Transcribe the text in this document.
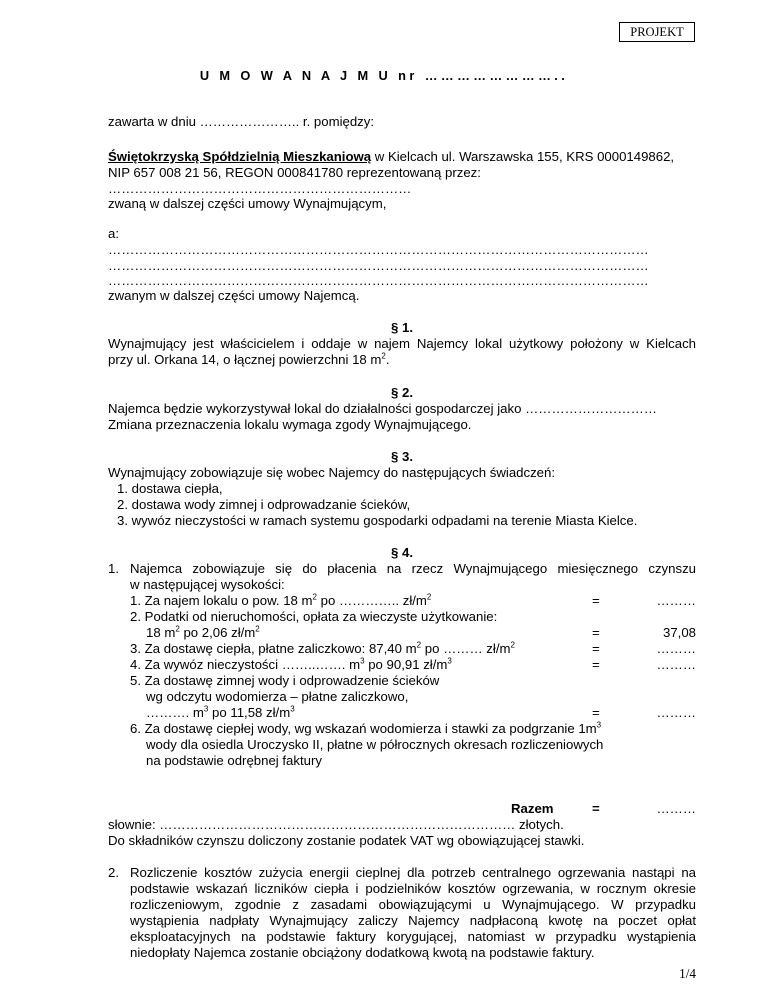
PROJEKT
U M O W A N A J M U nr ……………………..
zawarta w dniu ………………….. r. pomiędzy:
Świętokrzyską Spółdzielnią Mieszkaniową w Kielcach ul. Warszawska 155, KRS 0000149862,
NIP 657 008 21 56, REGON 000841780 reprezentowaną przez:
……………………………………………………………
zwaną w dalszej części umowy Wynajmującym,
a:
……………………………………………………………………………………………………………
……………………………………………………………………………………………………………
……………………………………………………………………………………………………………
zwanym w dalszej części umowy Najemcą.
§ 1.
Wynajmujący jest właścicielem i oddaje w najem Najemcy lokal użytkowy położony w Kielcach
przy ul. Orkana 14, o łącznej powierzchni 18 $m^2$.
§ 2.
Najemca będzie wykorzystywał lokal do działalności gospodarczej jako …………………………
Zmiana przeznaczenia lokalu wymaga zgody Wynajmującego.
§ 3.
Wynajmujący zobowiązuje się wobec Najemcy do następujących świadczeń:
1. dostawa ciepła,
2. dostawa wody zimnej i odprowadzanie ścieków,
3. wywóz nieczystości w ramach systemu gospodarki odpadami na terenie Miasta Kielce.
§ 4.
1. Najemca zobowiązuje się do płacenia na rzecz Wynajmującego miesięcznego czynszu
w następującej wysokości:
1. Za najem lokalu o pow. 18 $m^2$ po ………….. $zł/m^2$	=	………
2. Podatki od nieruchomości, opłata za wieczyste użytkowanie:
18 $m^2$ po 2,06 $zł/m^2$	=	37,08
3. Za dostawę ciepła, płatne zaliczkowo: 87,40 $m^2$ po ……… $zł/m^2$	=	………
4. Za wywóz nieczystości ……..……. $m^3$ po 90,91 $zł/m^3$	=	………
5. Za dostawę zimnej wody i odprowadzenie ścieków
wg odczytu wodomierza – płatne zaliczkowo,
………. $m^3$ po 11,58 $zł/m^3$	=	………
6. Za dostawę ciepłej wody, wg wskazań wodomierza i stawki za podgrzanie $1m^3$
wody dla osiedla Uroczysko II, płatne w półrocznych okresach rozliczeniowych
na podstawie odrębnej faktury
Razem	=	………
słownie: ……………………………………………………………………… złotych.
Do składników czynszu doliczony zostanie podatek VAT wg obowiązującej stawki.
2. Rozliczenie kosztów zużycia energii cieplnej dla potrzeb centralnego ogrzewania nastąpi na
podstawie wskazań liczników ciepła i podzielników kosztów ogrzewania, w rocznym okresie
rozliczeniowym, zgodnie z zasadami obowiązującymi u Wynajmującego. W przypadku
wystąpienia nadpłaty Wynajmujący zaliczy Najemcy nadpłaconą kwotę na poczet opłat
eksploatacyjnych na podstawie faktury korygującej, natomiast w przypadku wystąpienia
niedopłaty Najemca zostanie obciążony dodatkową kwotą na podstawie faktury.
1/4
